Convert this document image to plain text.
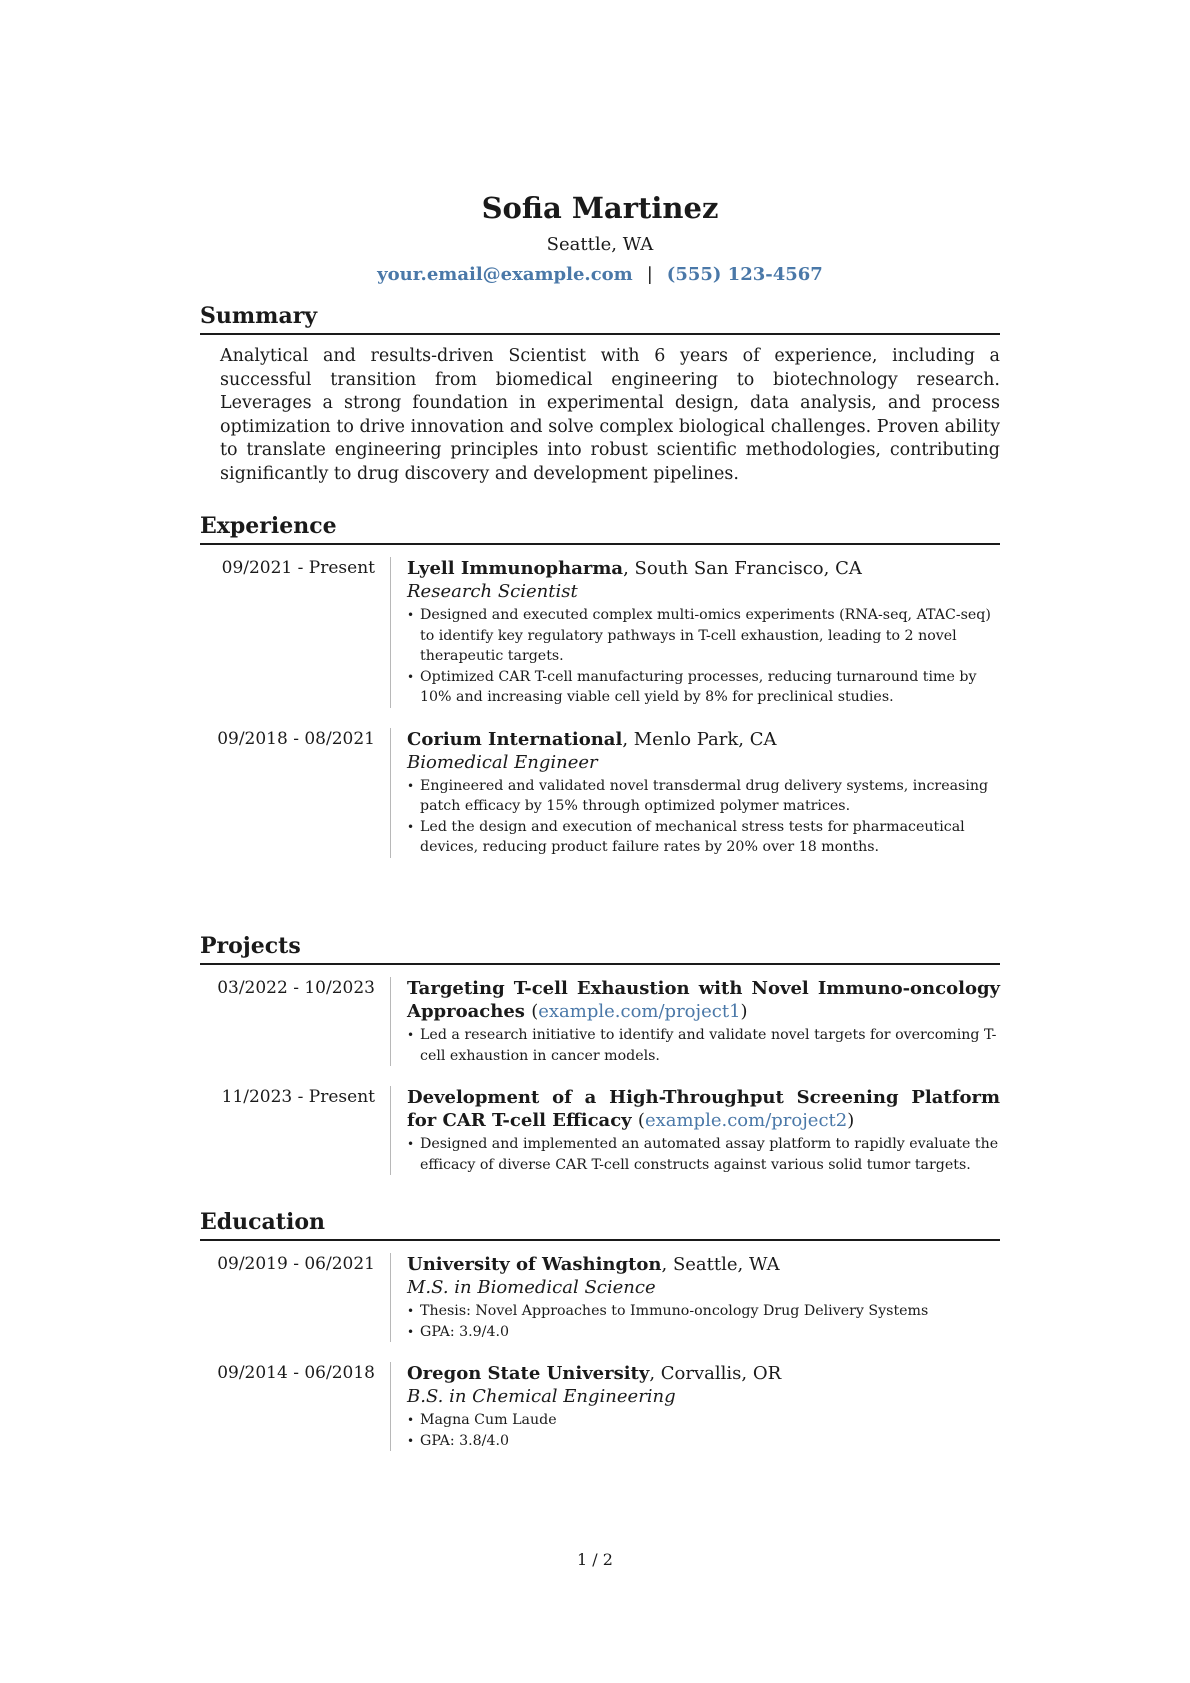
Sofia Martinez
Seattle, WA
your.email@example.com | (555) 123-4567
Summary

Analytical and results-driven Scientist with 6 years of experience, including a successful transition from biomedical engineering to biotechnology research. Leverages a strong foundation in experimental design, data analysis, and process optimization to drive innovation and solve complex biological challenges. Proven ability to translate engineering principles into robust scientific methodologies, contributing significantly to drug discovery and development pipelines.

Experience
09/2021 - Present	Lyell Immunopharma, South San Francisco, CA
Research Scientist
• Designed and executed complex multi-omics experiments (RNA-seq, ATAC-seq) to identify key regulatory pathways in T-cell exhaustion, leading to 2 novel therapeutic targets.
• Optimized CAR T-cell manufacturing processes, reducing turnaround time by 10% and increasing viable cell yield by 8% for preclinical studies.
09/2018 - 08/2021	Corium International, Menlo Park, CA
Biomedical Engineer
• Engineered and validated novel transdermal drug delivery systems, increasing patch efficacy by 15% through optimized polymer matrices.
• Led the design and execution of mechanical stress tests for pharmaceutical devices, reducing product failure rates by 20% over 18 months.
Projects
03/2022 - 10/2023	Targeting T-cell Exhaustion with Novel Immuno-oncology Approaches (example.com/project1)
• Led a research initiative to identify and validate novel targets for overcoming T-cell exhaustion in cancer models.
11/2023 - Present	Development of a High-Throughput Screening Platform for CAR T-cell Efficacy (example.com/project2)
• Designed and implemented an automated assay platform to rapidly evaluate the efficacy of diverse CAR T-cell constructs against various solid tumor targets.
Education
09/2019 - 06/2021	University of Washington, Seattle, WA
M.S. in Biomedical Science
• Thesis: Novel Approaches to Immuno-oncology Drug Delivery Systems
• GPA: 3.9/4.0
09/2014 - 06/2018	Oregon State University, Corvallis, OR
B.S. in Chemical Engineering
• Magna Cum Laude
• GPA: 3.8/4.0
1 / 2
